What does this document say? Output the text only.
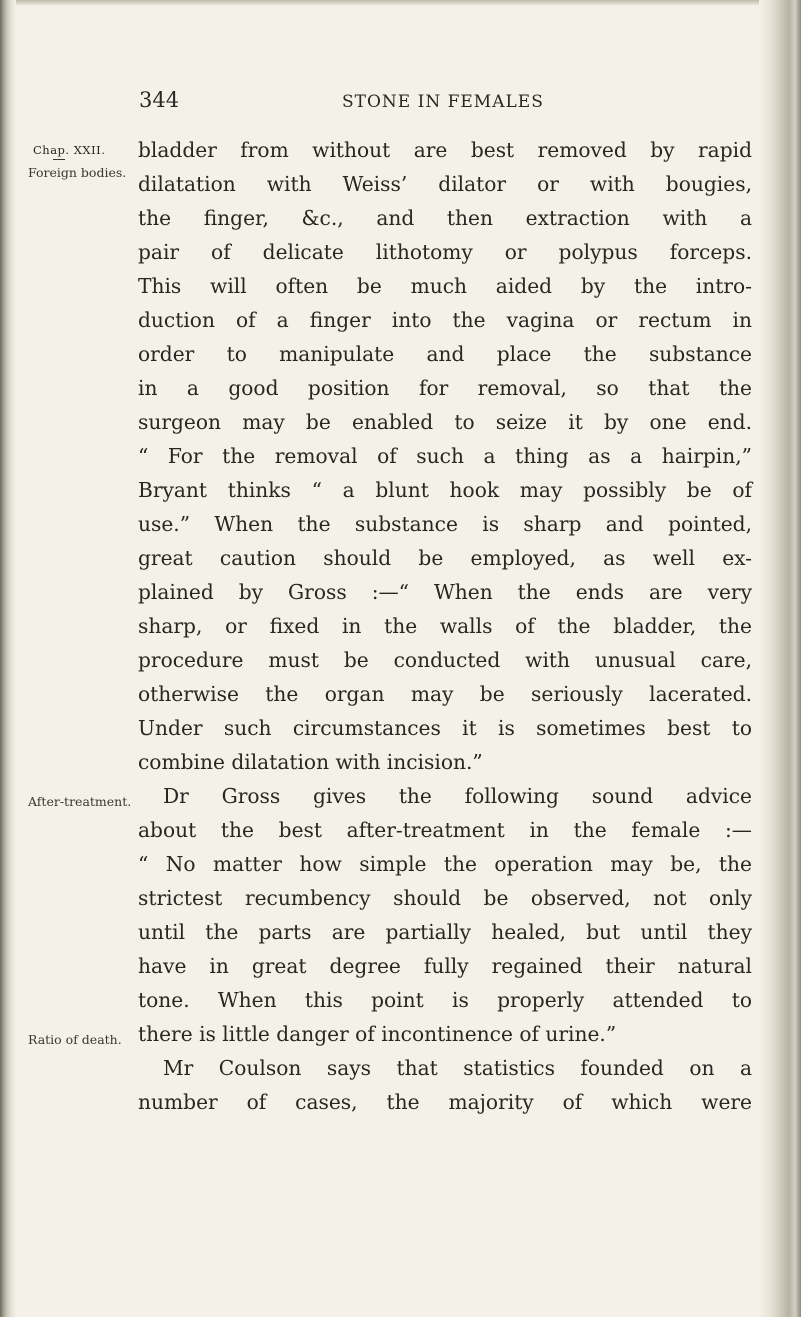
344	STONE IN FEMALES
Chap. XXII.
Foreign bodies.
After-treatment.
Ratio of death.
bladder from without are best removed by rapid
dilatation with Weiss’ dilator or with bougies,
the finger, &c., and then extraction with a
pair of delicate lithotomy or polypus forceps.
This will often be much aided by the intro-
duction of a finger into the vagina or rectum in
order to manipulate and place the substance
in a good position for removal, so that the
surgeon may be enabled to seize it by one end.
“ For the removal of such a thing as a hairpin,”
Bryant thinks “ a blunt hook may possibly be of
use.” When the substance is sharp and pointed,
great caution should be employed, as well ex-
plained by Gross :—“ When the ends are very
sharp, or fixed in the walls of the bladder, the
procedure must be conducted with unusual care,
otherwise the organ may be seriously lacerated.
Under such circumstances it is sometimes best to
combine dilatation with incision.”
Dr Gross gives the following sound advice
about the best after-treatment in the female :—
“ No matter how simple the operation may be, the
strictest recumbency should be observed, not only
until the parts are partially healed, but until they
have in great degree fully regained their natural
tone. When this point is properly attended to
there is little danger of incontinence of urine.”
Mr Coulson says that statistics founded on a
number of cases, the majority of which were
